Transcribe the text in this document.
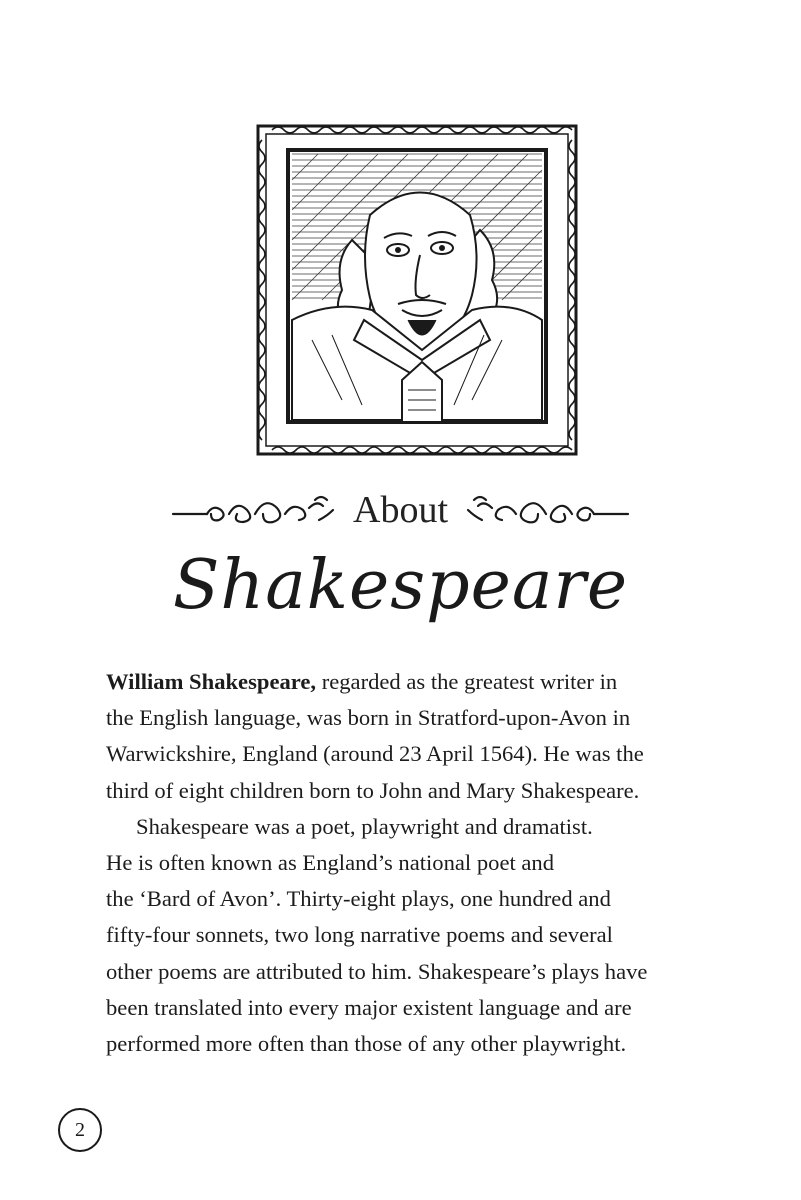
About
Shakespeare

William Shakespeare, regarded as the greatest writer in
the English language, was born in Stratford-upon-Avon in
Warwickshire, England (around 23 April 1564). He was the
third of eight children born to John and Mary Shakespeare.

Shakespeare was a poet, playwright and dramatist.
He is often known as England’s national poet and
the ‘Bard of Avon’. Thirty-eight plays, one hundred and
fifty-four sonnets, two long narrative poems and several
other poems are attributed to him. Shakespeare’s plays have
been translated into every major existent language and are
performed more often than those of any other playwright.

2
